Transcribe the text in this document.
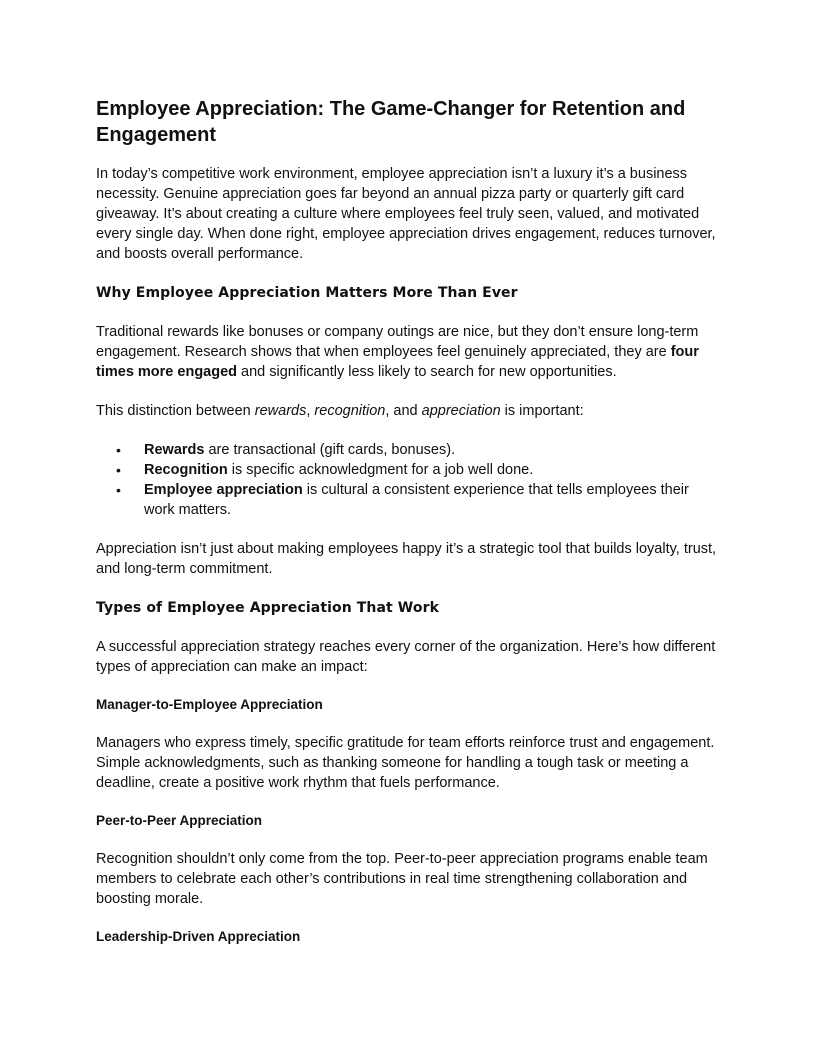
Employee Appreciation: The Game-Changer for Retention and Engagement

In today’s competitive work environment, employee appreciation isn’t a luxury it’s a business necessity. Genuine appreciation goes far beyond an annual pizza party or quarterly gift card giveaway. It’s about creating a culture where employees feel truly seen, valued, and motivated every single day. When done right, employee appreciation drives engagement, reduces turnover, and boosts overall performance.

Why Employee Appreciation Matters More Than Ever

Traditional rewards like bonuses or company outings are nice, but they don’t ensure long-term engagement. Research shows that when employees feel genuinely appreciated, they are four times more engaged and significantly less likely to search for new opportunities.

This distinction between rewards, recognition, and appreciation is important:

• Rewards are transactional (gift cards, bonuses).
• Recognition is specific acknowledgment for a job well done.
• Employee appreciation is cultural a consistent experience that tells employees their work matters.

Appreciation isn’t just about making employees happy it’s a strategic tool that builds loyalty, trust, and long-term commitment.

Types of Employee Appreciation That Work

A successful appreciation strategy reaches every corner of the organization. Here’s how different types of appreciation can make an impact:

Manager-to-Employee Appreciation

Managers who express timely, specific gratitude for team efforts reinforce trust and engagement. Simple acknowledgments, such as thanking someone for handling a tough task or meeting a deadline, create a positive work rhythm that fuels performance.

Peer-to-Peer Appreciation

Recognition shouldn’t only come from the top. Peer-to-peer appreciation programs enable team members to celebrate each other’s contributions in real time strengthening collaboration and boosting morale.

Leadership-Driven Appreciation
